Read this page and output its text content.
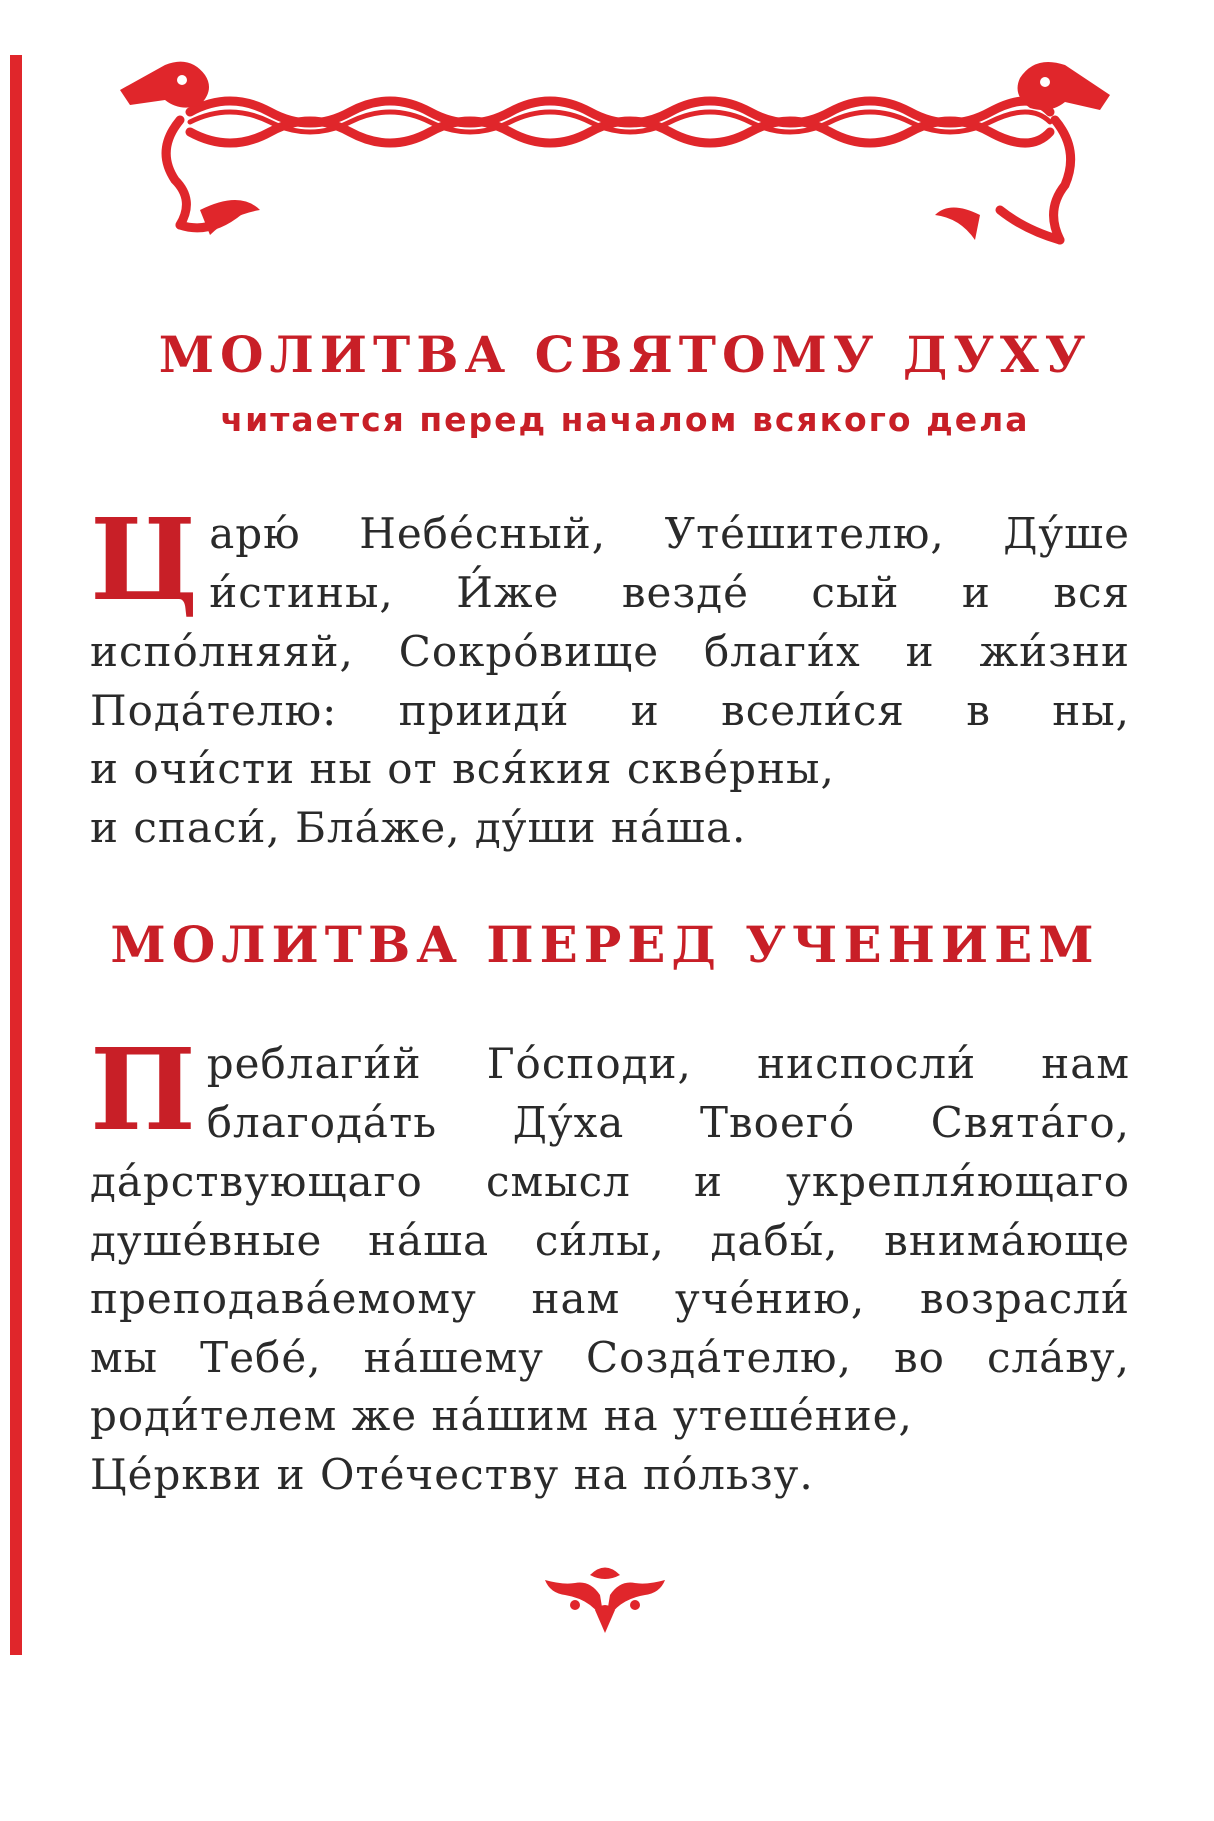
МОЛИТВА СВЯТОМУ ДУХУ
читается перед началом всякого дела
Ц арю́ Небе́сный, Уте́шителю, Ду́ше
и́стины, И́же везде́ сый и вся
испо́лняяй, Сокро́вище благи́х и жи́зни
Пода́телю: прииди́ и всели́ся в ны,
и очи́сти ны от вся́кия скве́рны,
и спаси́, Бла́же, ду́ши на́ша.
МОЛИТВА ПЕРЕД УЧЕНИЕМ
П реблаги́й Го́споди, ниспосли́ нам
благода́ть Ду́ха Твоего́ Свята́го,
да́рствующаго смысл и укрепля́ющаго
душе́вные на́ша си́лы, дабы́, внима́юще
преподава́емому нам уче́нию, возрасли́
мы Тебе́, на́шему Созда́телю, во сла́ву,
роди́телем же на́шим на утеше́ние,
Це́ркви и Оте́честву на по́льзу.
